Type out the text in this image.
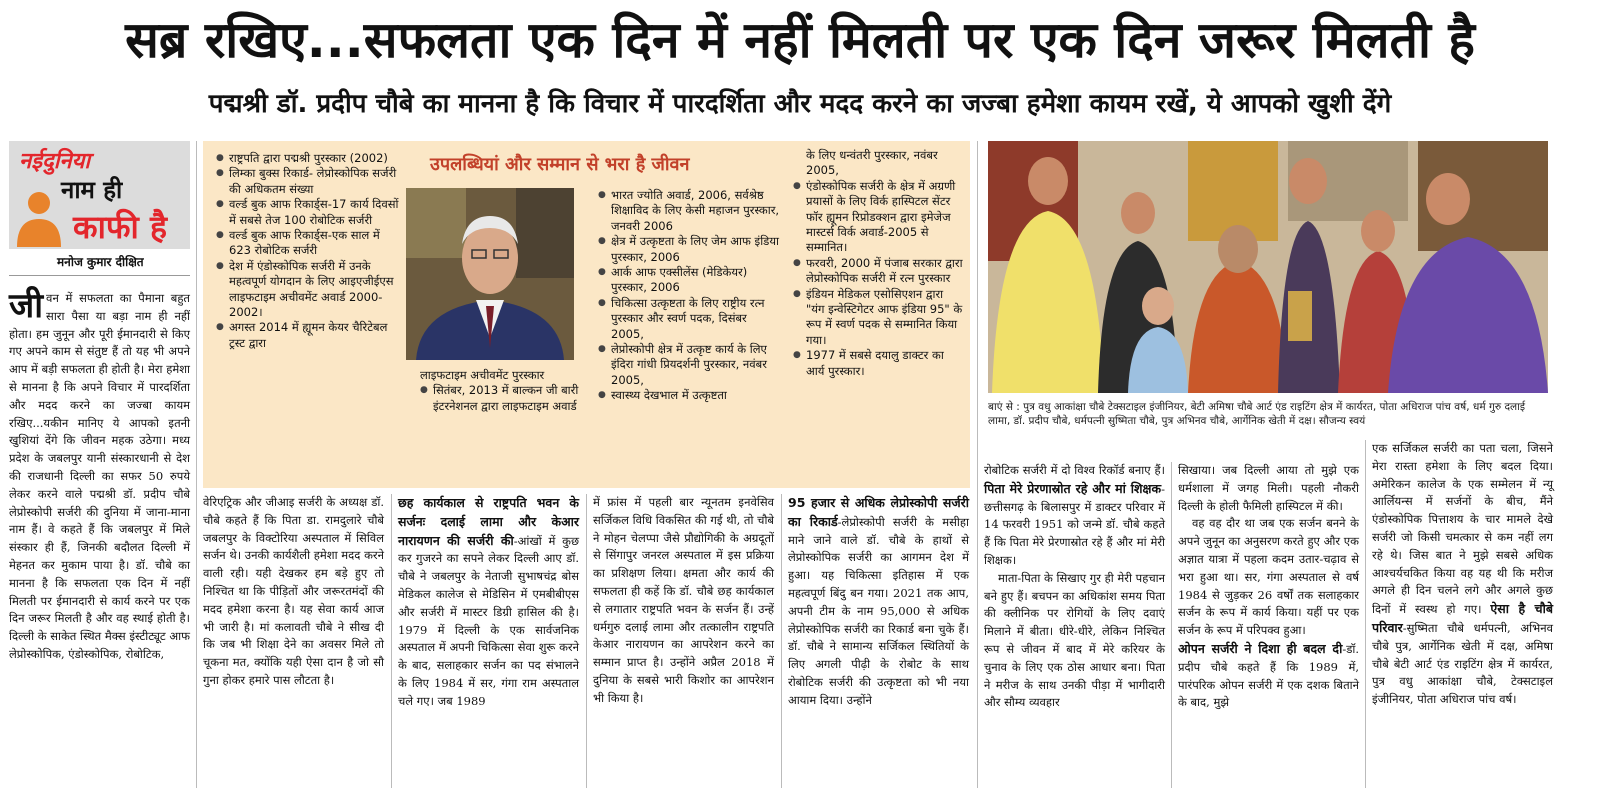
सब्र रखिए...सफलता एक दिन में नहीं मिलती पर एक दिन जरूर मिलती है
पद्मश्री डॉ. प्रदीप चौबे का मानना है कि विचार में पारदर्शिता और मदद करने का जज्बा हमेशा कायम रखें, ये आपको खुशी देंगे
नईदुनिया
नाम ही
काफी है
मनोज कुमार दीक्षित
जीवन में सफलता का पैमाना बहुत सारा पैसा या बड़ा नाम ही नहीं होता। हम जुनून और पूरी ईमानदारी से किए गए अपने काम से संतुष्ट हैं तो यह भी अपने आप में बड़ी सफलता ही होती है। मेरा हमेशा से मानना है कि अपने विचार में पारदर्शिता और मदद करने का जज्बा कायम रखिए...यकीन मानिए ये आपको इतनी खुशियां देंगे कि जीवन महक उठेगा। मध्य प्रदेश के जबलपुर यानी संस्कारधानी से देश की राजधानी दिल्ली का सफर 50 रुपये लेकर करने वाले पद्मश्री डॉ. प्रदीप चौबे लेप्रोस्कोपी सर्जरी की दुनिया में जाना-माना नाम हैं। वे कहते हैं कि जबलपुर में मिले संस्कार ही हैं, जिनकी बदौलत दिल्ली में मेहनत कर मुकाम पाया है। डॉ. चौबे का मानना है कि सफलता एक दिन में नहीं मिलती पर ईमानदारी से कार्य करने पर एक दिन जरूर मिलती है और वह स्थाई होती है। दिल्ली के साकेत स्थित मैक्स इंस्टीट्यूट आफ लेप्रोस्कोपिक, एंडोस्कोपिक, रोबोटिक,
उपलब्धियां और सम्मान से भरा है जीवन
● राष्ट्रपति द्वारा पद्मश्री पुरस्कार (2002)
● लिम्का बुक्स रिकार्ड- लेप्रोस्कोपिक सर्जरी की अधिकतम संख्या
● वर्ल्ड बुक आफ रिकार्ड्स-17 कार्य दिवसों में सबसे तेज 100 रोबोटिक सर्जरी
● वर्ल्ड बुक आफ रिकार्ड्स-एक साल में 623 रोबोटिक सर्जरी
● देश में एंडोस्कोपिक सर्जरी में उनके महत्वपूर्ण योगदान के लिए आइएजीईएस लाइफटाइम अचीवमेंट अवार्ड 2000-2002।
● अगस्त 2014 में ह्यूमन केयर चैरिटेबल ट्रस्ट द्वारा
लाइफटाइम अचीवमेंट पुरस्कार
● सितंबर, 2013 में बाल्कन जी बारी इंटरनेशनल द्वारा लाइफटाइम अवार्ड
● भारत ज्योति अवार्ड, 2006, सर्वश्रेष्ठ शिक्षाविद के लिए केसी महाजन पुरस्कार, जनवरी 2006
● क्षेत्र में उत्कृष्टता के लिए जेम आफ इंडिया पुरस्कार, 2006
● आर्क आफ एक्सीलेंस (मेडिकेयर) पुरस्कार, 2006
● चिकित्सा उत्कृष्टता के लिए राष्ट्रीय रत्न पुरस्कार और स्वर्ण पदक, दिसंबर 2005,
● लेप्रोस्कोपी क्षेत्र में उत्कृष्ट कार्य के लिए इंदिरा गांधी प्रियदर्शनी पुरस्कार, नवंबर 2005,
● स्वास्थ्य देखभाल में उत्कृष्टता
के लिए धन्वंतरी पुरस्कार, नवंबर 2005,
● एंडोस्कोपिक सर्जरी के क्षेत्र में अग्रणी प्रयासों के लिए विर्क हास्पिटल सेंटर फॉर ह्यूमन रिप्रोडक्शन द्वारा इमेजेज मास्टर्स विर्क अवार्ड-2005 से सम्मानित।
● फरवरी, 2000 में पंजाब सरकार द्वारा लेप्रोस्कोपिक सर्जरी में रत्न पुरस्कार
● इंडियन मेडिकल एसोसिएशन द्वारा "यंग इन्वेस्टिगेटर आफ इंडिया 95" के रूप में स्वर्ण पदक से सम्मानित किया गया।
● 1977 में सबसे दयालु डाक्टर का आर्य पुरस्कार।
बाएं से : पुत्र वधु आकांक्षा चौबे टेक्सटाइल इंजीनियर, बेटी अमिषा चौबे आर्ट एंड राइटिंग क्षेत्र में कार्यरत, पोता अधिराज पांच वर्ष, धर्म गुरु दलाई लामा, डॉ. प्रदीप चौबे, धर्मपत्नी सुष्मिता चौबे, पुत्र अभिनव चौबे, आर्गेनिक खेती में दक्ष। सौजन्य स्वयं
वेरिएट्रिक और जीआइ सर्जरी के अध्यक्ष डॉ. चौबे कहते हैं कि पिता डा. रामदुलारे चौबे जबलपुर के विक्टोरिया अस्पताल में सिविल सर्जन थे। उनकी कार्यशैली हमेशा मदद करने वाली रही। यही देखकर हम बड़े हुए तो निश्चित था कि पीड़ितों और जरूरतमंदों की मदद हमेशा करना है। यह सेवा कार्य आज भी जारी है। मां कलावती चौबे ने सीख दी कि जब भी शिक्षा देने का अवसर मिले तो चूकना मत, क्योंकि यही ऐसा दान है जो सौ गुना होकर हमारे पास लौटता है।
छह कार्यकाल से राष्ट्रपति भवन के सर्जनः दलाई लामा और केआर नारायणन की सर्जरी की-आंखों में कुछ कर गुजरने का सपने लेकर दिल्ली आए डॉ. चौबे ने जबलपुर के नेताजी सुभाषचंद्र बोस मेडिकल कालेज से मेडिसिन में एमबीबीएस और सर्जरी में मास्टर डिग्री हासिल की है। 1979 में दिल्ली के एक सार्वजनिक अस्पताल में अपनी चिकित्सा सेवा शुरू करने के बाद, सलाहकार सर्जन का पद संभालने के लिए 1984 में सर, गंगा राम अस्पताल चले गए। जब 1989
में फ्रांस में पहली बार न्यूनतम इनवेसिव सर्जिकल विधि विकसित की गई थी, तो चौबे ने मोहन चेलप्पा जैसे प्रौद्योगिकी के अग्रदूतों से सिंगापुर जनरल अस्पताल में इस प्रक्रिया का प्रशिक्षण लिया। क्षमता और कार्य की सफलता ही कहें कि डॉ. चौबे छह कार्यकाल से लगातार राष्ट्रपति भवन के सर्जन हैं। उन्हें धर्मगुरु दलाई लामा और तत्कालीन राष्ट्रपति केआर नारायणन का आपरेशन करने का सम्मान प्राप्त है। उन्होंने अप्रैल 2018 में दुनिया के सबसे भारी किशोर का आपरेशन भी किया है।
95 हजार से अधिक लेप्रोस्कोपी सर्जरी का रिकार्ड-लेप्रोस्कोपी सर्जरी के मसीहा माने जाने वाले डॉ. चौबे के हाथों से लेप्रोस्कोपिक सर्जरी का आगमन देश में हुआ। यह चिकित्सा इतिहास में एक महत्वपूर्ण बिंदु बन गया। 2021 तक आप, अपनी टीम के नाम 95,000 से अधिक लेप्रोस्कोपिक सर्जरी का रिकार्ड बना चुके हैं। डॉ. चौबे ने सामान्य सर्जिकल स्थितियों के लिए अगली पीढ़ी के रोबोट के साथ रोबोटिक सर्जरी की उत्कृष्टता को भी नया आयाम दिया। उन्होंने
रोबोटिक सर्जरी में दो विश्व रिकॉर्ड बनाए हैं। पिता मेरे प्रेरणास्रोत रहे और मां शिक्षक-छत्तीसगढ़ के बिलासपुर में डाक्टर परिवार में 14 फरवरी 1951 को जन्मे डॉ. चौबे कहते हैं कि पिता मेरे प्रेरणास्रोत रहे हैं और मां मेरी शिक्षक।
माता-पिता के सिखाए गुर ही मेरी पहचान बने हुए हैं। बचपन का अधिकांश समय पिता की क्लीनिक पर रोगियों के लिए दवाएं मिलाने में बीता। धीरे-धीरे, लेकिन निश्चित रूप से जीवन में बाद में मेरे करियर के चुनाव के लिए एक ठोस आधार बना। पिता ने मरीज के साथ उनकी पीड़ा में भागीदारी और सौम्य व्यवहार
सिखाया। जब दिल्ली आया तो मुझे एक धर्मशाला में जगह मिली। पहली नौकरी दिल्ली के होली फैमिली हास्पिटल में की।
वह वह दौर था जब एक सर्जन बनने के अपने जुनून का अनुसरण करते हुए और एक अज्ञात यात्रा में पहला कदम उतार-चढ़ाव से भरा हुआ था। सर, गंगा अस्पताल से वर्ष 1984 से जुड़कर 26 वर्षों तक सलाहकार सर्जन के रूप में कार्य किया। यहीं पर एक सर्जन के रूप में परिपक्व हुआ।
ओपन सर्जरी ने दिशा ही बदल दी-डॉ. प्रदीप चौबे कहते हैं कि 1989 में, पारंपरिक ओपन सर्जरी में एक दशक बिताने के बाद, मुझे
एक सर्जिकल सर्जरी का पता चला, जिसने मेरा रास्ता हमेशा के लिए बदल दिया। अमेरिकन कालेज के एक सम्मेलन में न्यू आर्लियन्स में सर्जनों के बीच, मैंने एंडोस्कोपिक पित्ताशय के चार मामले देखे सर्जरी जो किसी चमत्कार से कम नहीं लग रहे थे। जिस बात ने मुझे सबसे अधिक आश्चर्यचकित किया वह यह थी कि मरीज अगले ही दिन चलने लगे और अगले कुछ दिनों में स्वस्थ हो गए। ऐसा है चौबे परिवार-सुष्मिता चौबे धर्मपत्नी, अभिनव चौबे पुत्र, आर्गेनिक खेती में दक्ष, अमिषा चौबे बेटी आर्ट एंड राइटिंग क्षेत्र में कार्यरत, पुत्र वधु आकांक्षा चौबे, टेक्सटाइल इंजीनियर, पोता अधिराज पांच वर्ष।
